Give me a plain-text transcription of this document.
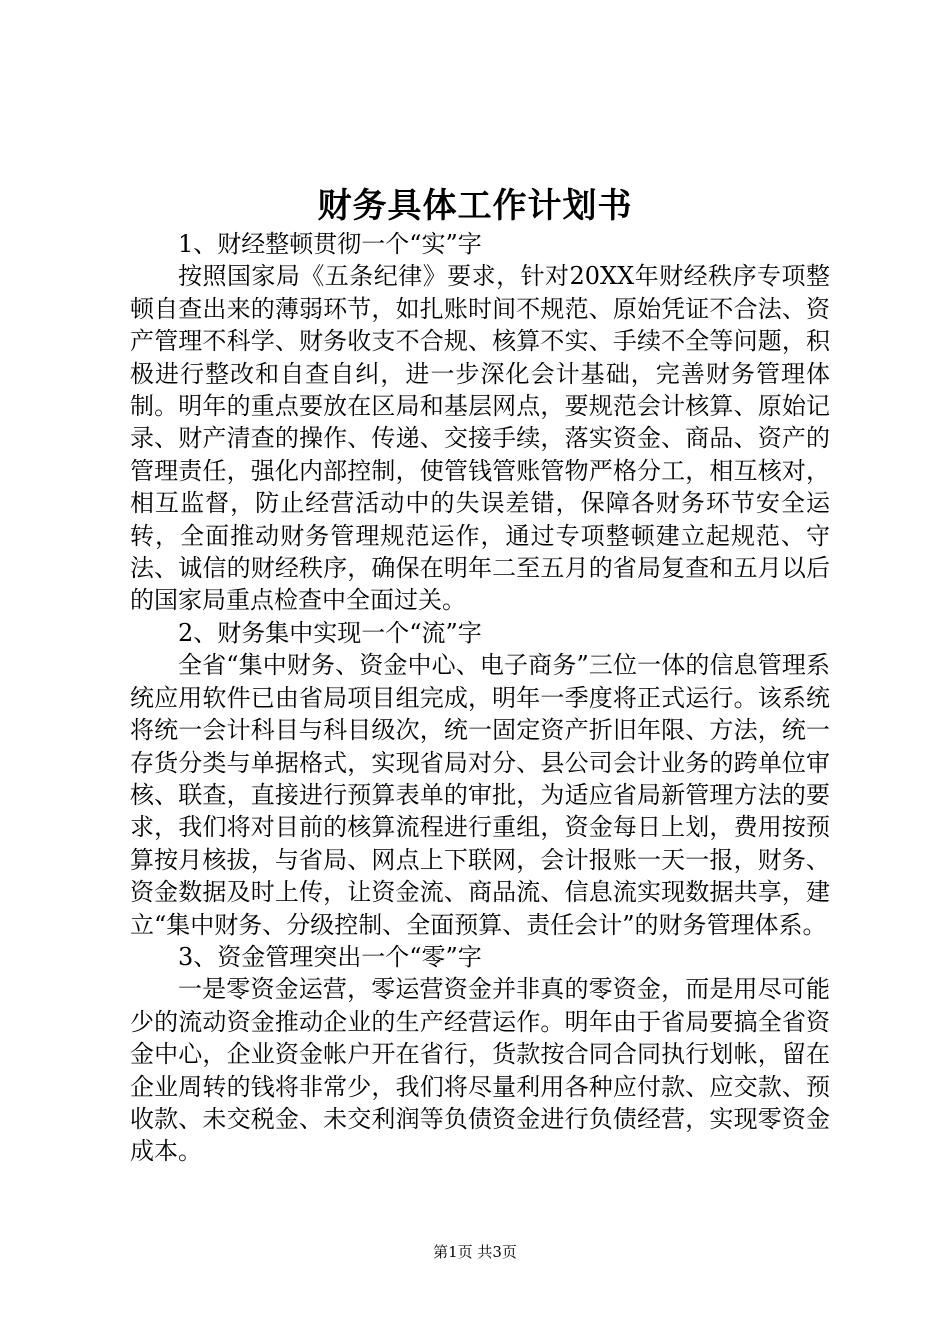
财务具体工作计划书

1、财经整顿贯彻一个“实”字

按照国家局《五条纪律》要求，针对20XX年财经秩序专项整顿自查出来的薄弱环节，如扎账时间不规范、原始凭证不合法、资产管理不科学、财务收支不合规、核算不实、手续不全等问题，积极进行整改和自查自纠，进一步深化会计基础，完善财务管理体制。明年的重点要放在区局和基层网点，要规范会计核算、原始记录、财产清查的操作、传递、交接手续，落实资金、商品、资产的管理责任，强化内部控制，使管钱管账管物严格分工，相互核对，相互监督，防止经营活动中的失误差错，保障各财务环节安全运转，全面推动财务管理规范运作，通过专项整顿建立起规范、守法、诚信的财经秩序，确保在明年二至五月的省局复查和五月以后的国家局重点检查中全面过关。

2、财务集中实现一个“流”字

全省“集中财务、资金中心、电子商务”三位一体的信息管理系统应用软件已由省局项目组完成，明年一季度将正式运行。该系统将统一会计科目与科目级次，统一固定资产折旧年限、方法，统一存货分类与单据格式，实现省局对分、县公司会计业务的跨单位审核、联查，直接进行预算表单的审批，为适应省局新管理方法的要求，我们将对目前的核算流程进行重组，资金每日上划，费用按预算按月核拔，与省局、网点上下联网，会计报账一天一报，财务、资金数据及时上传，让资金流、商品流、信息流实现数据共享，建立“集中财务、分级控制、全面预算、责任会计”的财务管理体系。

3、资金管理突出一个“零”字

一是零资金运营，零运营资金并非真的零资金，而是用尽可能少的流动资金推动企业的生产经营运作。明年由于省局要搞全省资金中心，企业资金帐户开在省行，货款按合同合同执行划帐，留在企业周转的钱将非常少，我们将尽量利用各种应付款、应交款、预收款、未交税金、未交利润等负债资金进行负债经营，实现零资金成本。

第1页 共3页
